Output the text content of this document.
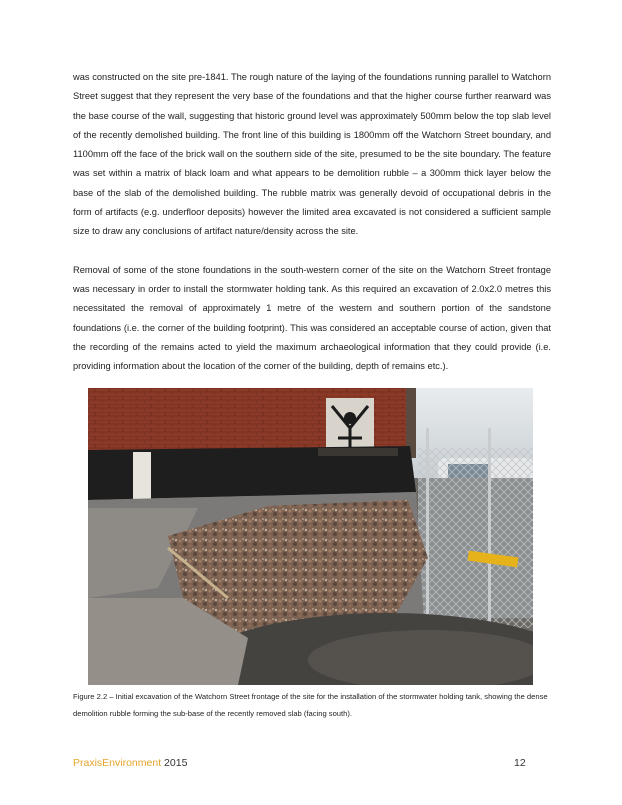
was constructed on the site pre-1841. The rough nature of the laying of the foundations running parallel to Watchorn Street suggest that they represent the very base of the foundations and that the higher course further rearward was the base course of the wall, suggesting that historic ground level was approximately 500mm below the top slab level of the recently demolished building. The front line of this building is 1800mm off the Watchorn Street boundary, and 1100mm off the face of the brick wall on the southern side of the site, presumed to be the site boundary. The feature was set within a matrix of black loam and what appears to be demolition rubble – a 300mm thick layer below the base of the slab of the demolished building. The rubble matrix was generally devoid of occupational debris in the form of artifacts (e.g. underfloor deposits) however the limited area excavated is not considered a sufficient sample size to draw any conclusions of artifact nature/density across the site.

Removal of some of the stone foundations in the south-western corner of the site on the Watchorn Street frontage was necessary in order to install the stormwater holding tank. As this required an excavation of 2.0x2.0 metres this necessitated the removal of approximately 1 metre of the western and southern portion of the sandstone foundations (i.e. the corner of the building footprint). This was considered an acceptable course of action, given that the recording of the remains acted to yield the maximum archaeological information that they could provide (i.e. providing information about the location of the corner of the building, depth of remains etc.).

Figure 2.2 – Initial excavation of the Watchorn Street frontage of the site for the installation of the stormwater holding tank, showing the dense demolition rubble forming the sub-base of the recently removed slab (facing south).
PraxisEnvironment 2015	12
